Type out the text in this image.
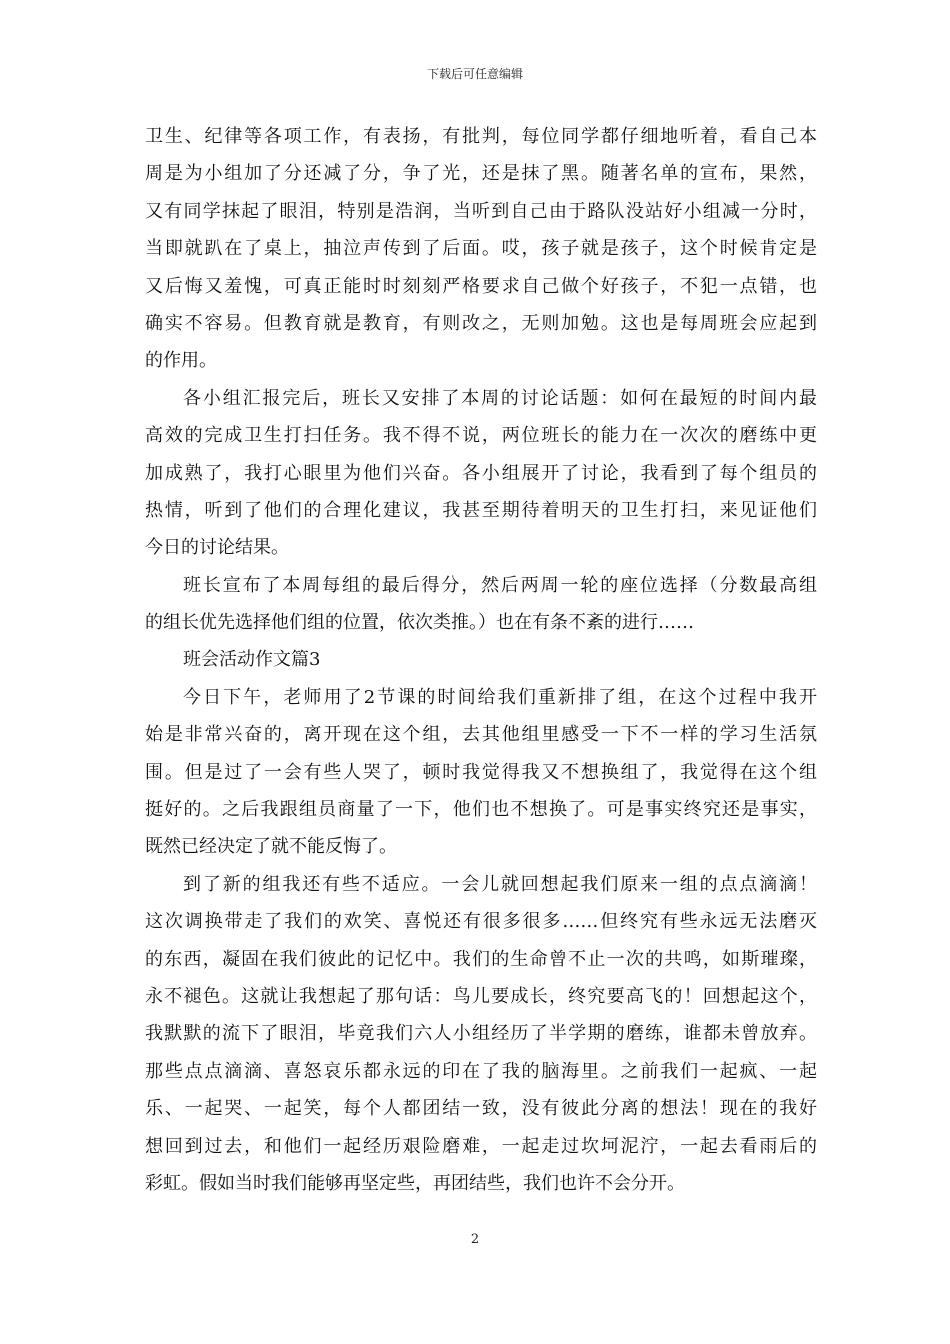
下载后可任意编辑
卫生、纪律等各项工作，有表扬，有批判，每位同学都仔细地听着，看自己本
周是为小组加了分还减了分，争了光，还是抹了黑。随著名单的宣布，果然，
又有同学抹起了眼泪，特别是浩润，当听到自己由于路队没站好小组减一分时，
当即就趴在了桌上，抽泣声传到了后面。哎，孩子就是孩子，这个时候肯定是
又后悔又羞愧，可真正能时时刻刻严格要求自己做个好孩子，不犯一点错，也
确实不容易。但教育就是教育，有则改之，无则加勉。这也是每周班会应起到
的作用。
各小组汇报完后，班长又安排了本周的讨论话题：如何在最短的时间内最
高效的完成卫生打扫任务。我不得不说，两位班长的能力在一次次的磨练中更
加成熟了，我打心眼里为他们兴奋。各小组展开了讨论，我看到了每个组员的
热情，听到了他们的合理化建议，我甚至期待着明天的卫生打扫，来见证他们
今日的讨论结果。
班长宣布了本周每组的最后得分，然后两周一轮的座位选择（分数最高组
的组长优先选择他们组的位置，依次类推。）也在有条不紊的进行……
班会活动作文篇3
今日下午，老师用了2节课的时间给我们重新排了组，在这个过程中我开
始是非常兴奋的，离开现在这个组，去其他组里感受一下不一样的学习生活氛
围。但是过了一会有些人哭了，顿时我觉得我又不想换组了，我觉得在这个组
挺好的。之后我跟组员商量了一下，他们也不想换了。可是事实终究还是事实，
既然已经决定了就不能反悔了。
到了新的组我还有些不适应。一会儿就回想起我们原来一组的点点滴滴！
这次调换带走了我们的欢笑、喜悦还有很多很多……但终究有些永远无法磨灭
的东西，凝固在我们彼此的记忆中。我们的生命曾不止一次的共鸣，如斯璀璨，
永不褪色。这就让我想起了那句话：鸟儿要成长，终究要高飞的！回想起这个，
我默默的流下了眼泪，毕竟我们六人小组经历了半学期的磨练，谁都未曾放弃。
那些点点滴滴、喜怒哀乐都永远的印在了我的脑海里。之前我们一起疯、一起
乐、一起哭、一起笑，每个人都团结一致，没有彼此分离的想法！现在的我好
想回到过去，和他们一起经历艰险磨难，一起走过坎坷泥泞，一起去看雨后的
彩虹。假如当时我们能够再坚定些，再团结些，我们也许不会分开。
2
